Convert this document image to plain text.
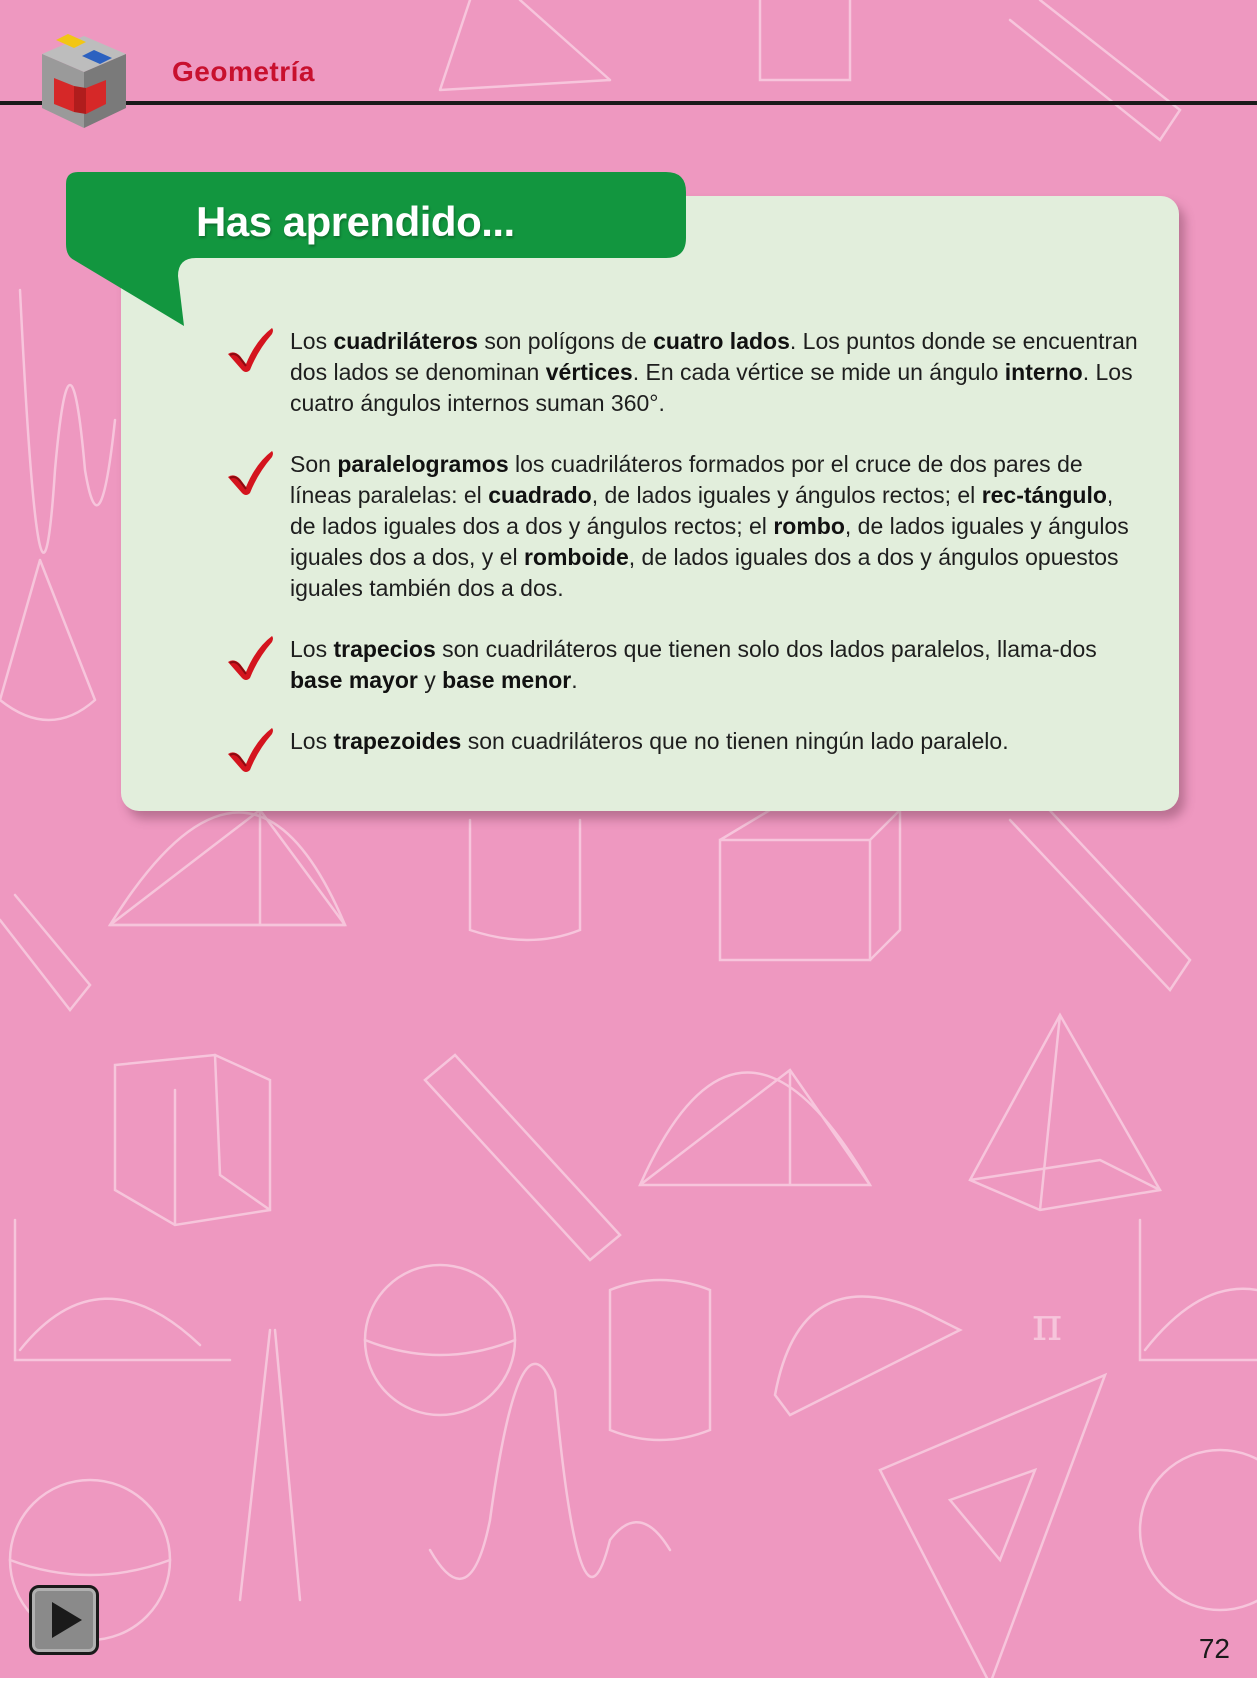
π
Geometría
Has aprendido...
Los cuadriláteros son polígons de cuatro lados. Los puntos donde se encuentran dos lados se denominan vértices. En cada vértice se mide un ángulo interno. Los cuatro ángulos internos suman 360°.
Son paralelogramos los cuadriláteros formados por el cruce de dos pares de líneas paralelas: el cuadrado, de lados iguales y ángulos rectos; el rec-tángulo, de lados iguales dos a dos y ángulos rectos; el rombo, de lados iguales y ángulos iguales dos a dos, y el romboide, de lados iguales dos a dos y ángulos opuestos iguales también dos a dos.
Los trapecios son cuadriláteros que tienen solo dos lados paralelos, llama-dos base mayor y base menor.
Los trapezoides son cuadriláteros que no tienen ningún lado paralelo.
72
